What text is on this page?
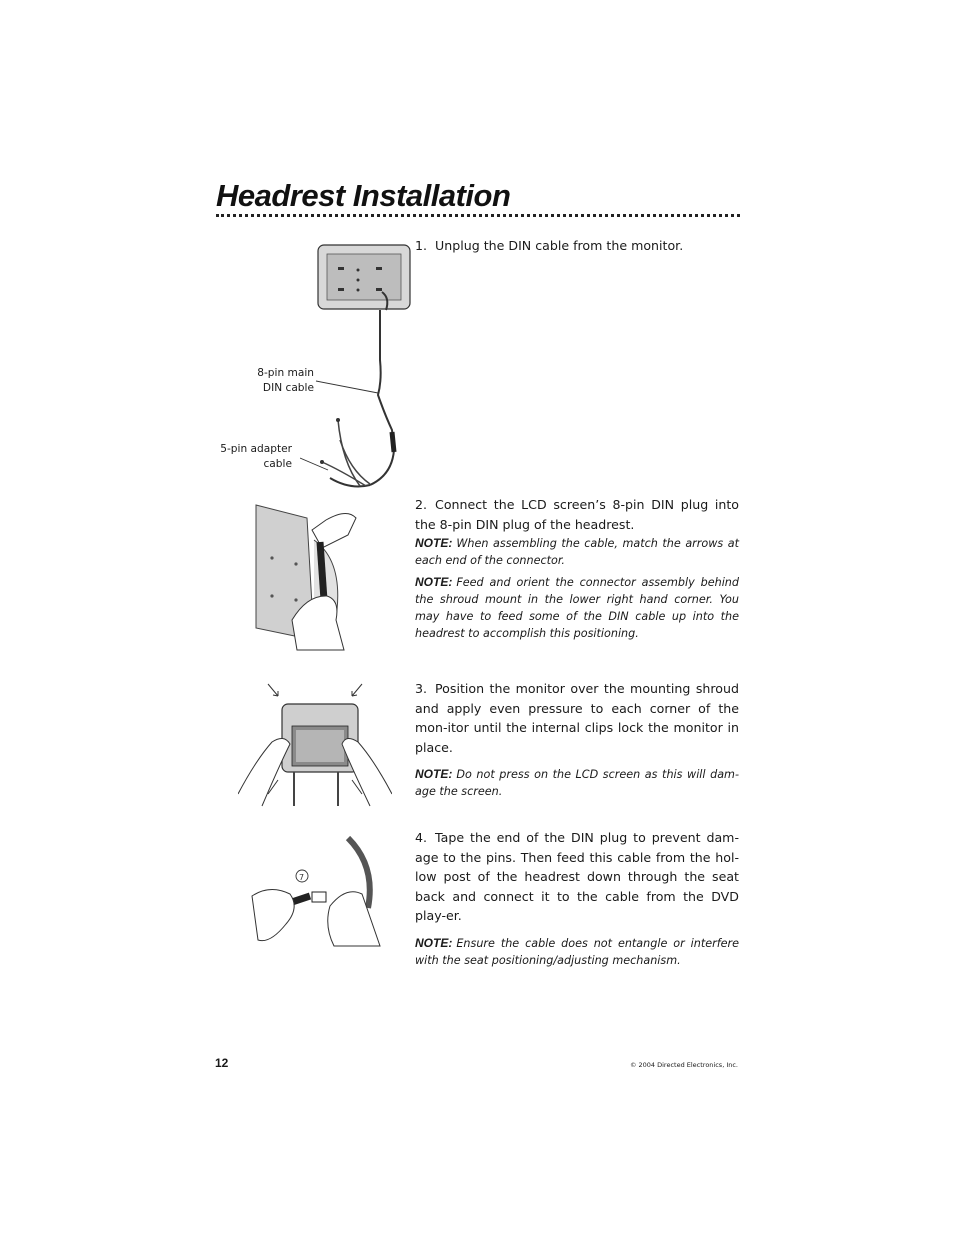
Headrest Installation
8-pin main
DIN cable
5-pin adapter
cable

1. Unplug the DIN cable from the monitor.

2. Connect the LCD screen’s 8-pin DIN plug into the 8-pin DIN plug of the headrest.

NOTE: When assembling the cable, match the arrows at each end of the connector.

NOTE: Feed and orient the connector assembly behind the shroud mount in the lower right hand corner. You may have to feed some of the DIN cable up into the headrest to accomplish this positioning.

3. Position the monitor over the mounting shroud and apply even pressure to each corner of the mon-itor until the internal clips lock the monitor in place.

NOTE: Do not press on the LCD screen as this will dam-age the screen.

7

4. Tape the end of the DIN plug to prevent dam-age to the pins. Then feed this cable from the hol-low post of the headrest down through the seat back and connect it to the cable from the DVD play-er.

NOTE: Ensure the cable does not entangle or interfere with the seat positioning/adjusting mechanism.

12	© 2004 Directed Electronics, Inc.
